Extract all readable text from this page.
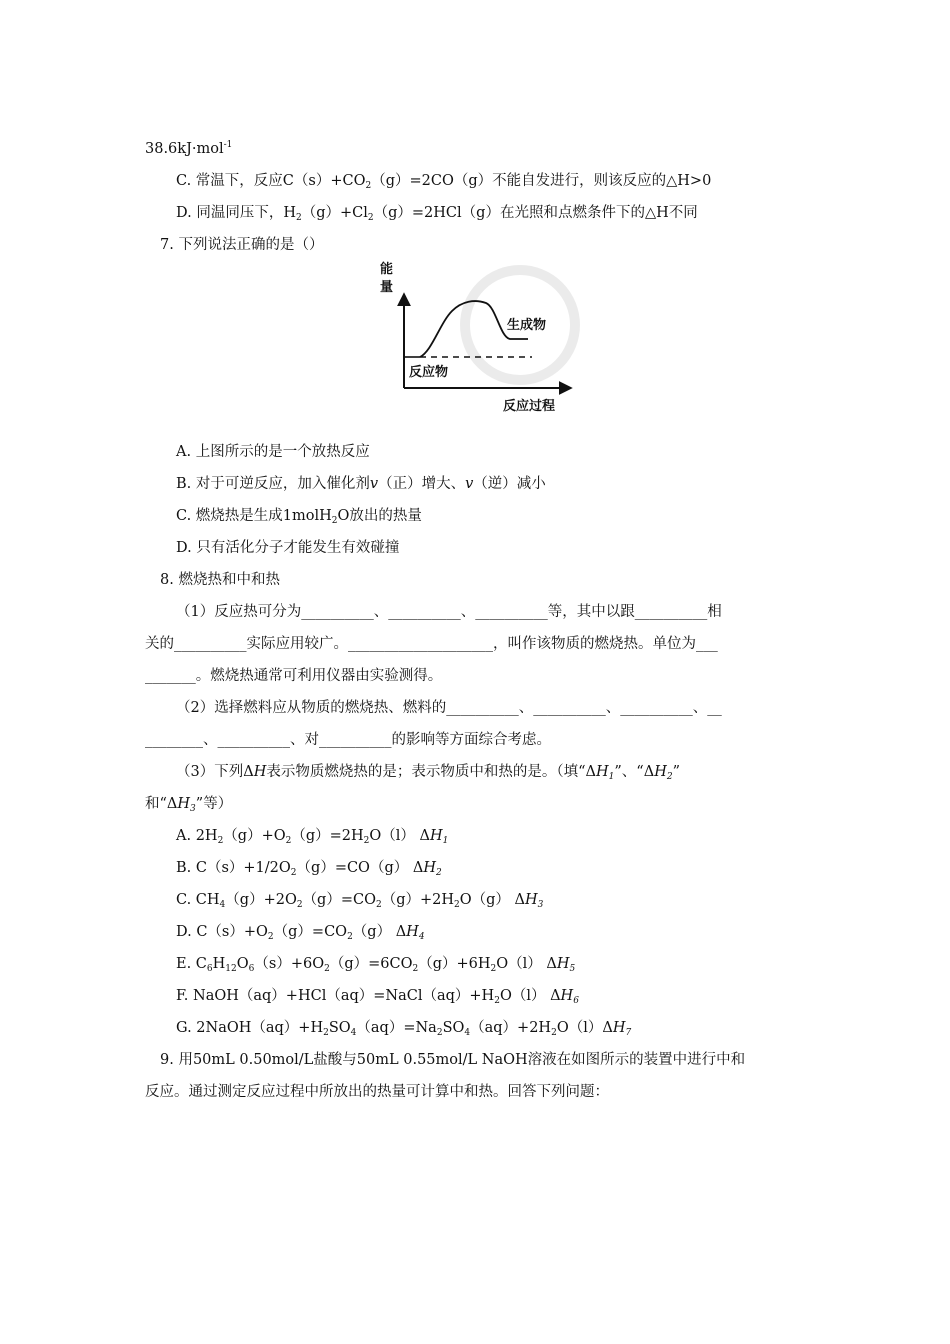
38.6kJ·mol$^{-1}$
C. 常温下，反应$C(s)+CO_2(g)=2CO(g)$不能自发进行，则该反应的△H>0
D. 同温同压下，$H_2(g)+Cl_2(g)=2HCl(g)$在光照和点燃条件下的△H不同
7. 下列说法正确的是（）
能
量
生成物
反应物
反应过程
A. 上图所示的是一个放热反应
B. 对于可逆反应，加入催化剂v（正）增大、v（逆）减小
C. 燃烧热是生成1molH$_2$O放出的热量
D. 只有活化分子才能发生有效碰撞
8. 燃烧热和中和热
（1）反应热可分为__________、__________、__________等，其中以跟__________相
关的__________实际应用较广。____________________，叫作该物质的燃烧热。单位为___
_______。燃烧热通常可利用仪器由实验测得。
（2）选择燃料应从物质的燃烧热、燃料的__________、__________、__________、__
________、__________、对__________的影响等方面综合考虑。
（3）下列ΔH表示物质燃烧热的是；表示物质中和热的是。（填“$\Delta H_1$”、“$\Delta H_2$”
和“$\Delta H_3$”等）
A. $2H_2(g)+O_2(g)=2H_2O(l)$ $\Delta H_1$
B. $C(s)+1/2O_2(g)=CO(g)$ $\Delta H_2$
C. $CH_4(g)+2O_2(g)=CO_2(g)+2H_2O(g)$ $\Delta H_3$
D. $C(s)+O_2(g)=CO_2(g)$ $\Delta H_4$
E. $C_6H_{12}O_6(s)+6O_2(g)=6CO_2(g)+6H_2O(l)$ $\Delta H_5$
F. $NaOH(aq)+HCl(aq)=NaCl(aq)+H_2O(l)$ $\Delta H_6$
G. $2NaOH(aq)+H_2SO_4(aq)=Na_2SO_4(aq)+2H_2O(l)\Delta H_7$
9. 用50mL 0.50mol/L盐酸与50mL 0.55mol/L NaOH溶液在如图所示的装置中进行中和
反应。通过测定反应过程中所放出的热量可计算中和热。回答下列问题：
